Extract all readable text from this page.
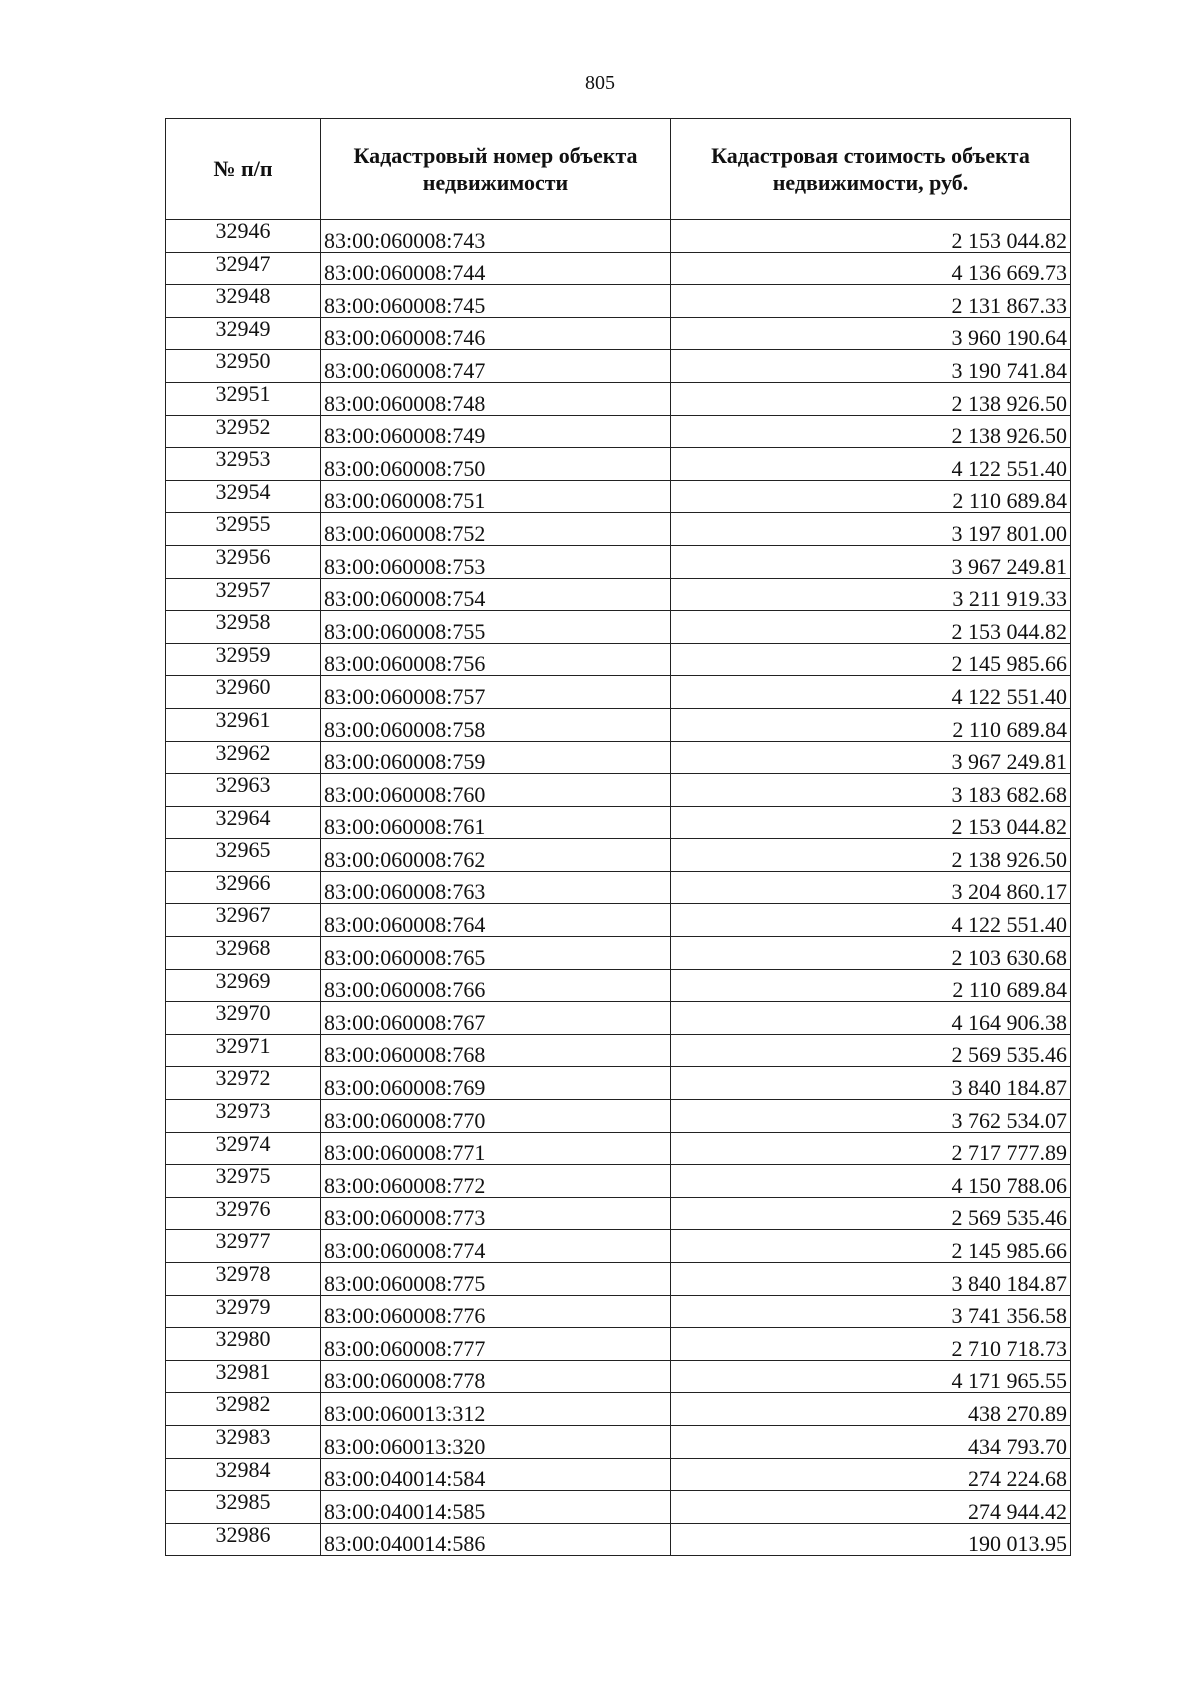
805
№ п/п	Кадастровый номер объекта недвижимости	Кадастровая стоимость объекта недвижимости, руб.
32946	83:00:060008:743	2 153 044.82
32947	83:00:060008:744	4 136 669.73
32948	83:00:060008:745	2 131 867.33
32949	83:00:060008:746	3 960 190.64
32950	83:00:060008:747	3 190 741.84
32951	83:00:060008:748	2 138 926.50
32952	83:00:060008:749	2 138 926.50
32953	83:00:060008:750	4 122 551.40
32954	83:00:060008:751	2 110 689.84
32955	83:00:060008:752	3 197 801.00
32956	83:00:060008:753	3 967 249.81
32957	83:00:060008:754	3 211 919.33
32958	83:00:060008:755	2 153 044.82
32959	83:00:060008:756	2 145 985.66
32960	83:00:060008:757	4 122 551.40
32961	83:00:060008:758	2 110 689.84
32962	83:00:060008:759	3 967 249.81
32963	83:00:060008:760	3 183 682.68
32964	83:00:060008:761	2 153 044.82
32965	83:00:060008:762	2 138 926.50
32966	83:00:060008:763	3 204 860.17
32967	83:00:060008:764	4 122 551.40
32968	83:00:060008:765	2 103 630.68
32969	83:00:060008:766	2 110 689.84
32970	83:00:060008:767	4 164 906.38
32971	83:00:060008:768	2 569 535.46
32972	83:00:060008:769	3 840 184.87
32973	83:00:060008:770	3 762 534.07
32974	83:00:060008:771	2 717 777.89
32975	83:00:060008:772	4 150 788.06
32976	83:00:060008:773	2 569 535.46
32977	83:00:060008:774	2 145 985.66
32978	83:00:060008:775	3 840 184.87
32979	83:00:060008:776	3 741 356.58
32980	83:00:060008:777	2 710 718.73
32981	83:00:060008:778	4 171 965.55
32982	83:00:060013:312	438 270.89
32983	83:00:060013:320	434 793.70
32984	83:00:040014:584	274 224.68
32985	83:00:040014:585	274 944.42
32986	83:00:040014:586	190 013.95
